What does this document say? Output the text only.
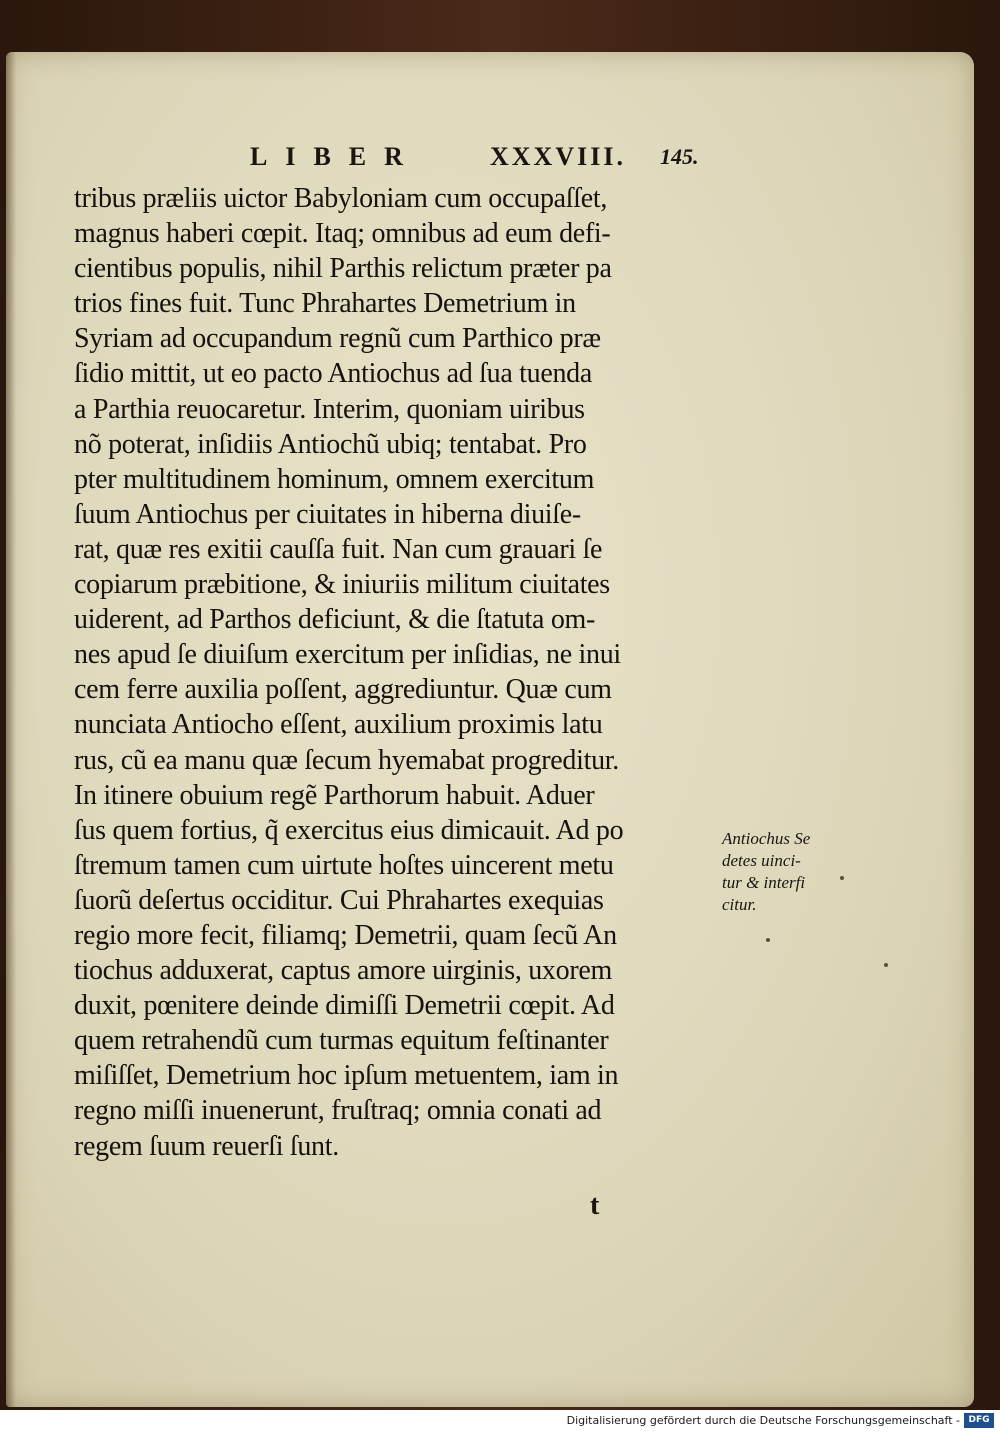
LIBER	XXXVIII. 145.
tribus præliis uictor Babyloniam cum occupaſſet,
magnus haberi cœpit. Itaq; omnibus ad eum defi-
cientibus populis, nihil Parthis relictum præter pa
trios fines fuit. Tunc Phrahartes Demetrium in
Syriam ad occupandum regnũ cum Parthico præ
ſidio mittit, ut eo pacto Antiochus ad ſua tuenda
a Parthia reuocaretur. Interim, quoniam uiribus
nõ poterat, inſidiis Antiochũ ubiq; tentabat. Pro
pter multitudinem hominum, omnem exercitum
ſuum Antiochus per ciuitates in hiberna diuiſe-
rat, quæ res exitii cauſſa fuit. Nan cum grauari ſe
copiarum præbitione, & iniuriis militum ciuitates
uiderent, ad Parthos deficiunt, & die ſtatuta om-
nes apud ſe diuiſum exercitum per inſidias, ne inui
cem ferre auxilia poſſent, aggrediuntur. Quæ cum
nunciata Antiocho eſſent, auxilium proximis latu
rus, cũ ea manu quæ ſecum hyemabat progreditur.
In itinere obuium regẽ Parthorum habuit. Aduer
ſus quem fortius, q̃ exercitus eius dimicauit. Ad po
ſtremum tamen cum uirtute hoſtes uincerent metu
ſuorũ deſertus occiditur. Cui Phrahartes exequias
regio more fecit, filiamq; Demetrii, quam ſecũ An
tiochus adduxerat, captus amore uirginis, uxorem
duxit, pœnitere deinde dimiſſi Demetrii cœpit. Ad
quem retrahendũ cum turmas equitum feſtinanter
miſiſſet, Demetrium hoc ipſum metuentem, iam in
regno miſſi inuenerunt, fruſtraq; omnia conati ad
regem ſuum reuerſi ſunt.
Antiochus Se
detes uinci-
tur & interfi
citur.
t
Digitalisierung gefördert durch die Deutsche Forschungsgemeinschaft - DFG
